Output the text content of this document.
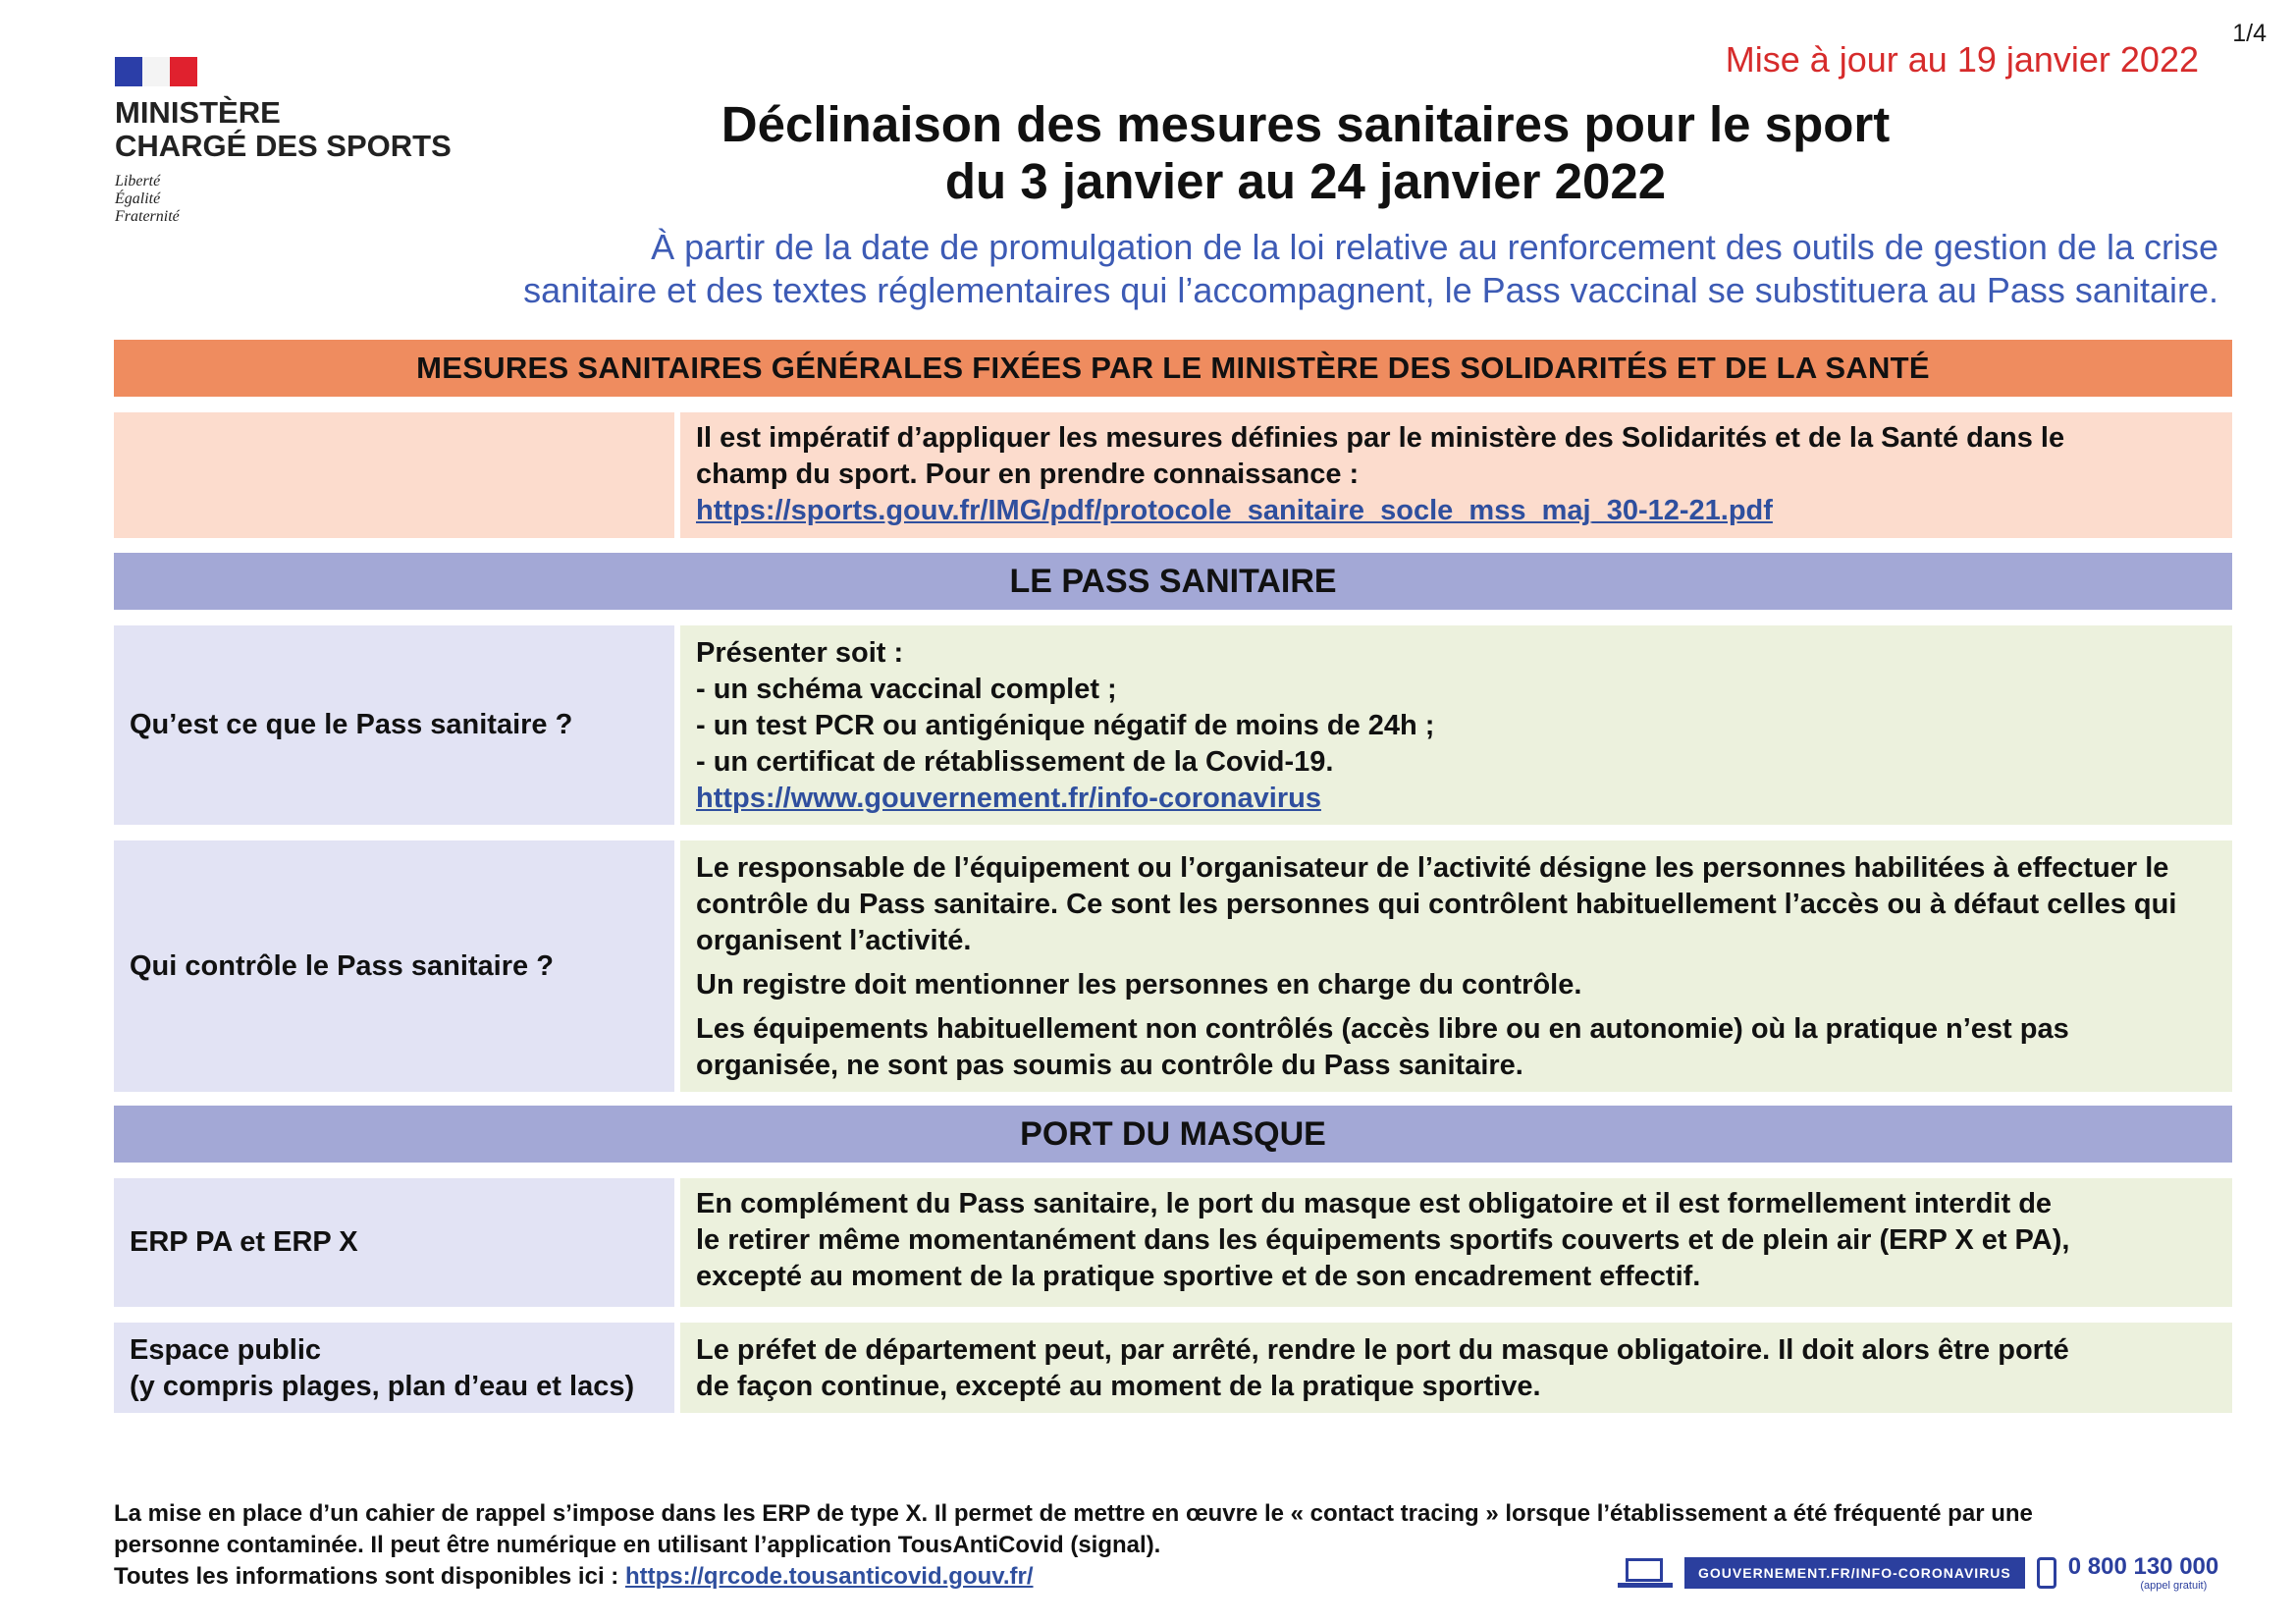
1/4
Mise à jour au 19 janvier 2022
MINISTÈRE
CHARGÉ DES SPORTS
Liberté
Égalité
Fraternité
Déclinaison des mesures sanitaires pour le sport
du 3 janvier au 24 janvier 2022
À partir de la date de promulgation de la loi relative au renforcement des outils de gestion de la crise
sanitaire et des textes réglementaires qui l’accompagnent, le Pass vaccinal se substituera au Pass sanitaire.
MESURES SANITAIRES GÉNÉRALES FIXÉES PAR LE MINISTÈRE DES SOLIDARITÉS ET DE LA SANTÉ
Il est impératif d’appliquer les mesures définies par le ministère des Solidarités et de la Santé dans le
champ du sport. Pour en prendre connaissance :
https://sports.gouv.fr/IMG/pdf/protocole_sanitaire_socle_mss_maj_30-12-21.pdf
LE PASS SANITAIRE
Qu’est ce que le Pass sanitaire ?
Présenter soit :
- un schéma vaccinal complet ;
- un test PCR ou antigénique négatif de moins de 24h ;
- un certificat de rétablissement de la Covid-19.
https://www.gouvernement.fr/info-coronavirus
Qui contrôle le Pass sanitaire ?
Le responsable de l’équipement ou l’organisateur de l’activité désigne les personnes habilitées à effectuer le contrôle du Pass sanitaire. Ce sont les personnes qui contrôlent habituellement l’accès ou à défaut celles qui organisent l’activité.
Un registre doit mentionner les personnes en charge du contrôle.
Les équipements habituellement non contrôlés (accès libre ou en autonomie) où la pratique n’est pas organisée, ne sont pas soumis au contrôle du Pass sanitaire.
PORT DU MASQUE
ERP PA et ERP X
En complément du Pass sanitaire, le port du masque est obligatoire et il est formellement interdit de
le retirer même momentanément dans les équipements sportifs couverts et de plein air (ERP X et PA),
excepté au moment de la pratique sportive et de son encadrement effectif.
Espace public
(y compris plages, plan d’eau et lacs)
Le préfet de département peut, par arrêté, rendre le port du masque obligatoire. Il doit alors être porté
de façon continue, excepté au moment de la pratique sportive.
La mise en place d’un cahier de rappel s’impose dans les ERP de type X. Il permet de mettre en œuvre le « contact tracing » lorsque l’établissement a été fréquenté par une
personne contaminée. Il peut être numérique en utilisant l’application TousAntiCovid (signal).
Toutes les informations sont disponibles ici : https://qrcode.tousanticovid.gouv.fr/	GOUVERNEMENT.FR/INFO-CORONAVIRUS	0 800 130 000
(appel gratuit)
